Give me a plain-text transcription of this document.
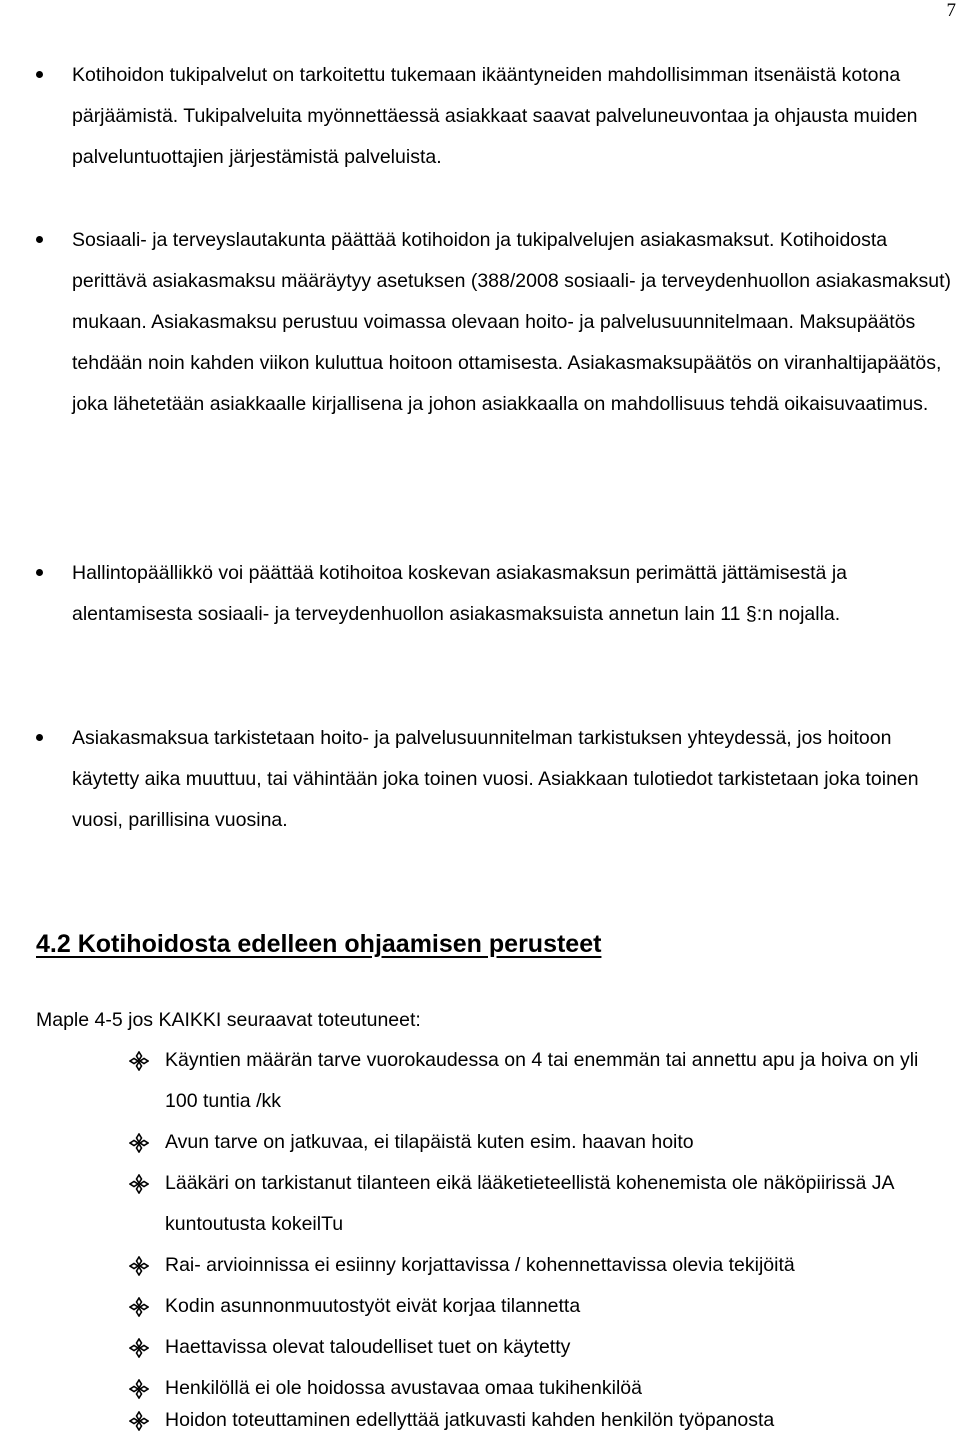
7
Kotihoidon tukipalvelut on tarkoitettu tukemaan ikääntyneiden mahdollisimman itsenäistä kotona pärjäämistä. Tukipalveluita myönnettäessä asiakkaat saavat palveluneuvontaa ja ohjausta muiden palveluntuottajien järjestämistä palveluista.
Sosiaali- ja terveyslautakunta päättää kotihoidon ja tukipalvelujen asiakasmaksut. Kotihoidosta perittävä asiakasmaksu määräytyy asetuksen (388/2008 sosiaali- ja terveydenhuollon asiakasmaksut) mukaan. Asiakasmaksu perustuu voimassa olevaan hoito- ja palvelusuunnitelmaan. Maksupäätös tehdään noin kahden viikon kuluttua hoitoon ottamisesta. Asiakasmaksupäätös on viranhaltijapäätös, joka lähetetään asiakkaalle kirjallisena ja johon asiakkaalla on mahdollisuus tehdä oikaisuvaatimus.
Hallintopäällikkö voi päättää kotihoitoa koskevan asiakasmaksun perimättä jättämisestä ja alentamisesta sosiaali- ja terveydenhuollon asiakasmaksuista annetun lain 11 §:n nojalla.
Asiakasmaksua tarkistetaan hoito- ja palvelusuunnitelman tarkistuksen yhteydessä, jos hoitoon käytetty aika muuttuu, tai vähintään joka toinen vuosi. Asiakkaan tulotiedot tarkistetaan joka toinen vuosi, parillisina vuosina.
4.2 Kotihoidosta edelleen ohjaamisen perusteet

Maple 4-5 jos KAIKKI seuraavat toteutuneet:

Käyntien määrän tarve vuorokaudessa on 4 tai enemmän tai annettu apu ja hoiva on yli 100 tuntia /kk
Avun tarve on jatkuvaa, ei tilapäistä kuten esim. haavan hoito
Lääkäri on tarkistanut tilanteen eikä lääketieteellistä kohenemista ole näköpiirissä JA kuntoutusta kokeilTu
Rai- arvioinnissa ei esiinny korjattavissa / kohennettavissa olevia tekijöitä
Kodin asunnonmuutostyöt eivät korjaa tilannetta
Haettavissa olevat taloudelliset tuet on käytetty
Henkilöllä ei ole hoidossa avustavaa omaa tukihenkilöä
Hoidon toteuttaminen edellyttää jatkuvasti kahden henkilön työpanosta
